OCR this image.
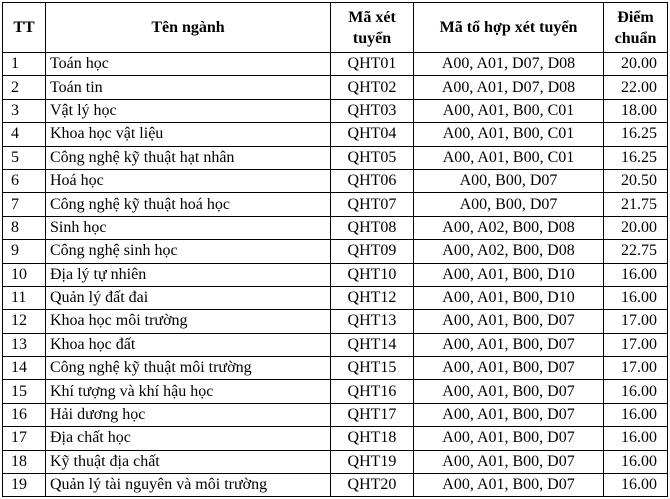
TT	Tên ngành	Mã xét tuyển	Mã tổ hợp xét tuyển	Điểm chuẩn
1	Toán học	QHT01	A00, A01, D07, D08	20.00
2	Toán tin	QHT02	A00, A01, D07, D08	22.00
3	Vật lý học	QHT03	A00, A01, B00, C01	18.00
4	Khoa học vật liệu	QHT04	A00, A01, B00, C01	16.25
5	Công nghệ kỹ thuật hạt nhân	QHT05	A00, A01, B00, C01	16.25
6	Hoá học	QHT06	A00, B00, D07	20.50
7	Công nghệ kỹ thuật hoá học	QHT07	A00, B00, D07	21.75
8	Sinh học	QHT08	A00, A02, B00, D08	20.00
9	Công nghệ sinh học	QHT09	A00, A02, B00, D08	22.75
10	Địa lý tự nhiên	QHT10	A00, A01, B00, D10	16.00
11	Quản lý đất đai	QHT12	A00, A01, B00, D10	16.00
12	Khoa học môi trường	QHT13	A00, A01, B00, D07	17.00
13	Khoa học đất	QHT14	A00, A01, B00, D07	17.00
14	Công nghệ kỹ thuật môi trường	QHT15	A00, A01, B00, D07	17.00
15	Khí tượng và khí hậu học	QHT16	A00, A01, B00, D07	16.00
16	Hải dương học	QHT17	A00, A01, B00, D07	16.00
17	Địa chất học	QHT18	A00, A01, B00, D07	16.00
18	Kỹ thuật địa chất	QHT19	A00, A01, B00, D07	16.00
19	Quản lý tài nguyên và môi trường	QHT20	A00, A01, B00, D07	16.00
